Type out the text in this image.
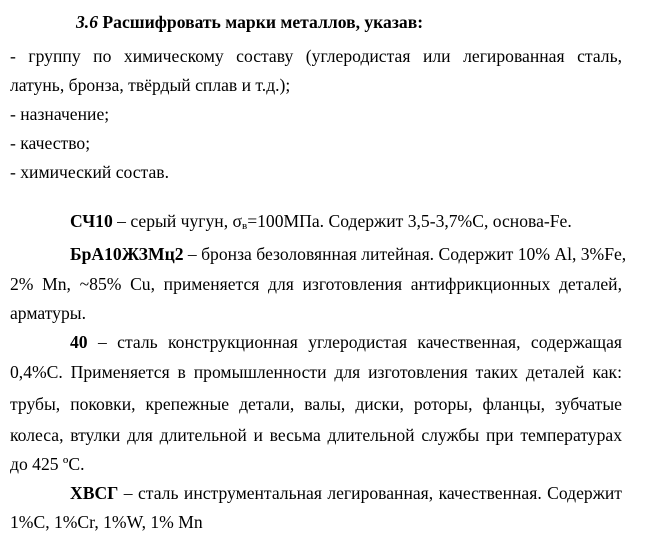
3.6 Расшифровать марки металлов, указав:
- группу по химическому составу (углеродистая или легированная сталь,
латунь, бронза, твёрдый сплав и т.д.);
- назначение;
- качество;
- химический состав.
СЧ10 – серый чугун, $\sigma_в=100МПа$. Содержит 3,5-3,7%С, основа-Fe.
БрА10ЖЗМц2 – бронза безоловянная литейная. Содержит 10% Al, 3%Fe,
2% Mn, ~85% Cu, применяется для изготовления антифрикционных деталей,
арматуры.
40 – сталь конструкционная углеродистая качественная, содержащая
0,4%С. Применяется в промышленности для изготовления таких деталей как:
трубы, поковки, крепежные детали, валы, диски, роторы, фланцы, зубчатые
колеса, втулки для длительной и весьма длительной службы при температурах
до 425 ºС.
ХВСГ – сталь инструментальная легированная, качественная. Содержит
1%С, 1%Cr, 1%W, 1% Mn
